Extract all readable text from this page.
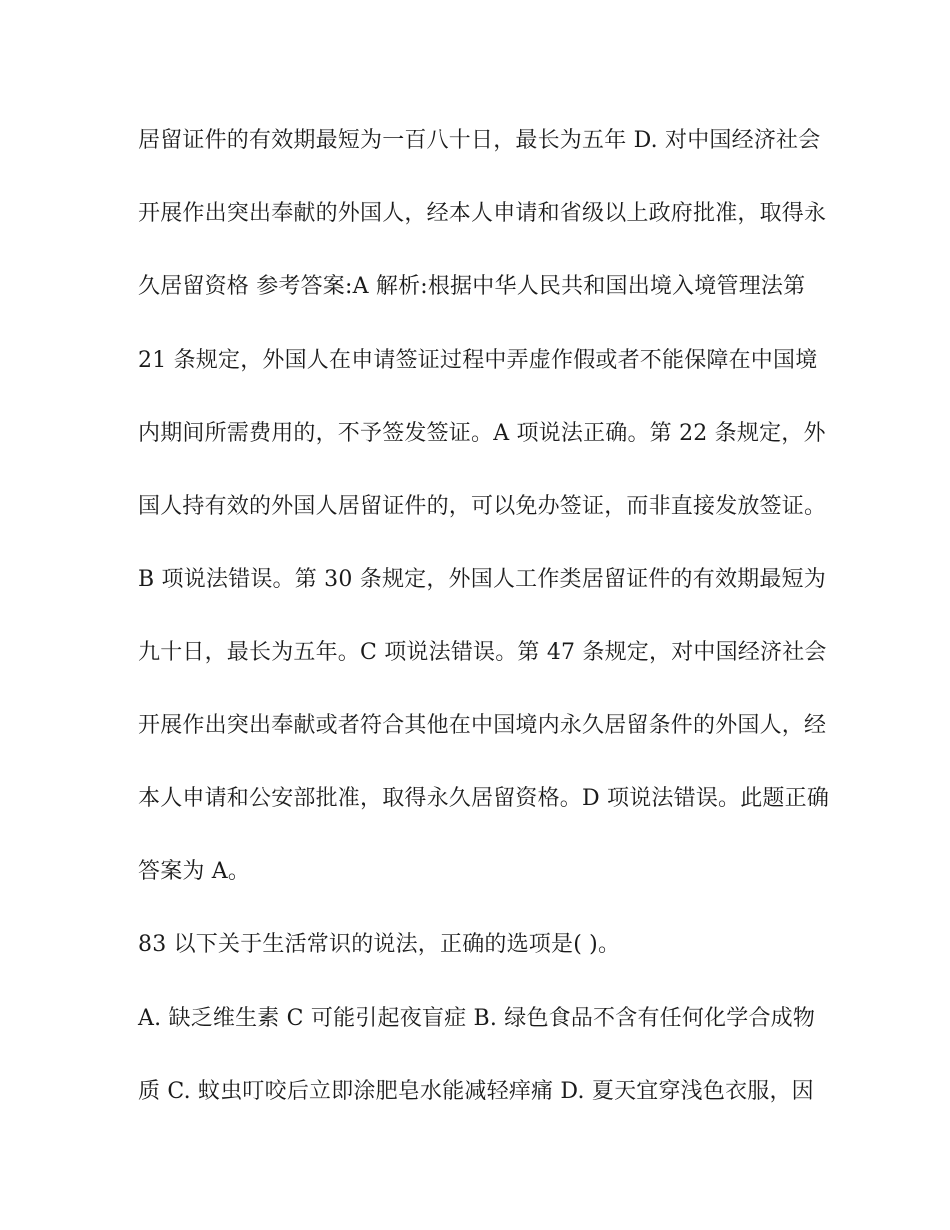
居留证件的有效期最短为一百八十日，最长为五年 D. 对中国经济社会
开展作出突出奉献的外国人，经本人申请和省级以上政府批准，取得永
久居留资格 参考答案:A 解析:根据中华人民共和国出境入境管理法第
21 条规定，外国人在申请签证过程中弄虚作假或者不能保障在中国境
内期间所需费用的，不予签发签证。A 项说法正确。第 22 条规定，外
国人持有效的外国人居留证件的，可以免办签证，而非直接发放签证。
B 项说法错误。第 30 条规定，外国人工作类居留证件的有效期最短为
九十日，最长为五年。C 项说法错误。第 47 条规定，对中国经济社会
开展作出突出奉献或者符合其他在中国境内永久居留条件的外国人，经
本人申请和公安部批准，取得永久居留资格。D 项说法错误。此题正确
答案为 A。
83 以下关于生活常识的说法，正确的选项是( )。
A. 缺乏维生素 C 可能引起夜盲症 B. 绿色食品不含有任何化学合成物
质 C. 蚊虫叮咬后立即涂肥皂水能减轻痒痛 D. 夏天宜穿浅色衣服，因
